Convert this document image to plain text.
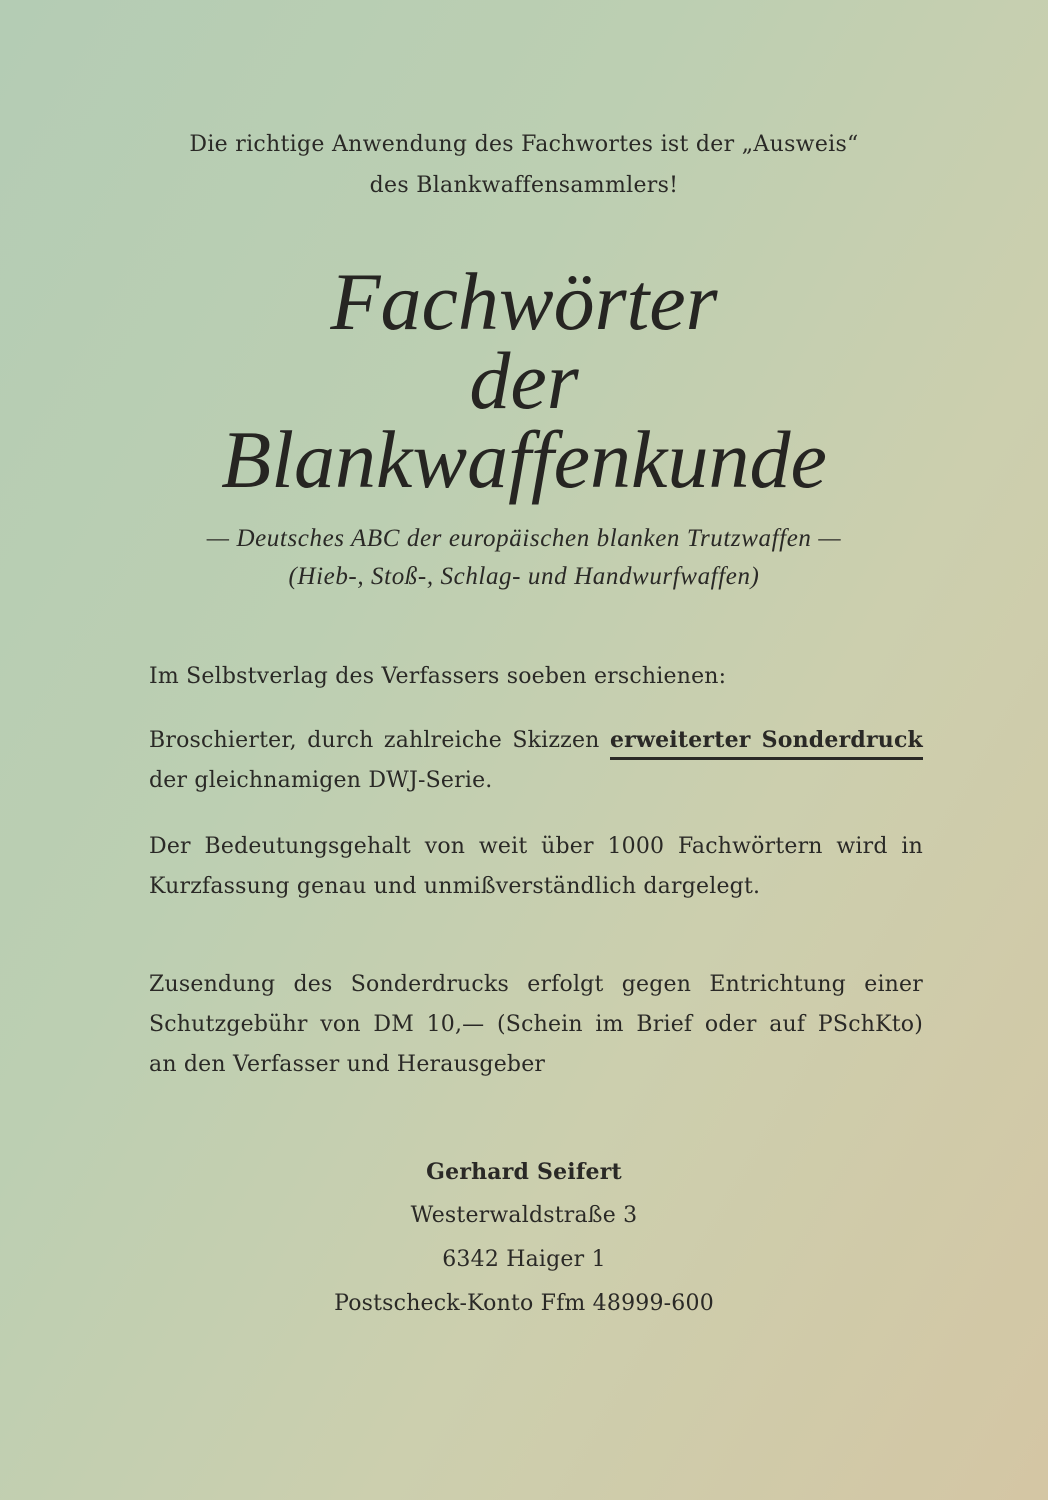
Die richtige Anwendung des Fachwortes ist der „Ausweis“
des Blankwaffensammlers!
Fachwörter
der
Blankwaffenkunde
— Deutsches ABC der europäischen blanken Trutzwaffen —
(Hieb-, Stoß-, Schlag- und Handwurfwaffen)

Im Selbstverlag des Verfassers soeben erschienen:

Broschierter, durch zahlreiche Skizzen erweiterter Sonderdruck

der gleichnamigen DWJ-Serie.

Der Bedeutungsgehalt von weit über 1000 Fachwörtern wird in

Kurzfassung genau und unmißverständlich dargelegt.

Zusendung des Sonderdrucks erfolgt gegen Entrichtung einer

Schutzgebühr von DM 10,— (Schein im Brief oder auf PSchKto)

an den Verfasser und Herausgeber

Gerhard Seifert
Westerwaldstraße 3
6342 Haiger 1
Postscheck-Konto Ffm 48999-600
